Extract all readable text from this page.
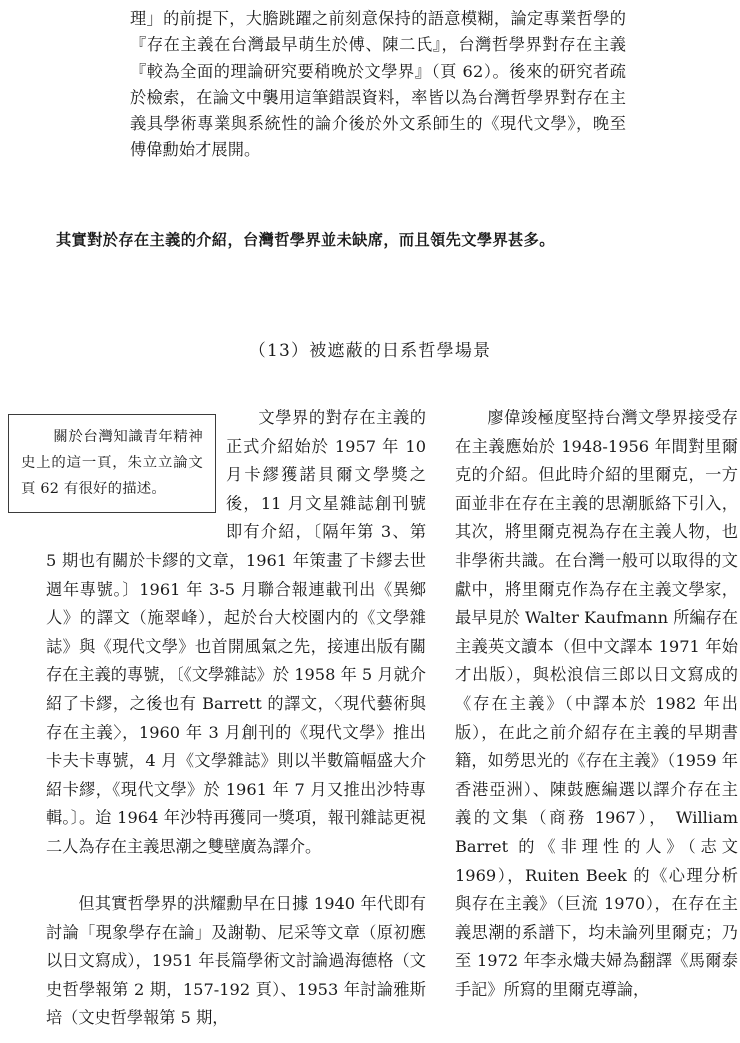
理」的前提下，大膽跳躍之前刻意保持的語意模糊，論定專業哲學的『存在主義在台灣最早萌生於傅、陳二氏』，台灣哲學界對存在主義『較為全面的理論研究要稍晚於文學界』（頁 62）。後來的研究者疏於檢索，在論文中襲用這筆錯誤資料，率皆以為台灣哲學界對存在主義具學術專業與系統性的論介後於外文系師生的《現代文學》，晚至傅偉勳始才展開。
其實對於存在主義的介紹，台灣哲學界並未缺席，而且領先文學界甚多。
（13）被遮蔽的日系哲學場景

關於台灣知識青年精神史上的這一頁，朱立立論文頁 62 有很好的描述。
文學界的對存在主義的正式介紹始於 1957 年 10 月卡繆獲諾貝爾文學獎之後，11 月文星雜誌創刊號即有介紹，〔隔年第 3、第 5 期也有關於卡繆的文章，1961 年策畫了卡繆去世週年專號。〕1961 年 3-5 月聯合報連載刊出《異鄉人》的譯文（施翠峰），起於台大校園内的《文學雜誌》與《現代文學》也首開風氣之先，接連出版有關存在主義的專號，〔《文學雜誌》於 1958 年 5 月就介紹了卡繆，之後也有 Barrett 的譯文，〈現代藝術與存在主義〉，1960 年 3 月創刊的《現代文學》推出卡夫卡專號，4 月《文學雜誌》則以半數篇幅盛大介紹卡繆，《現代文學》於 1961 年 7 月又推出沙特專輯。〕。迨 1964 年沙特再獲同一獎項，報刊雜誌更視二人為存在主義思潮之雙壁廣為譯介。

但其實哲學界的洪耀勳早在日據 1940 年代即有討論「現象學存在論」及謝勒、尼采等文章（原初應以日文寫成），1951 年長篇學術文討論過海德格（文史哲學報第 2 期，157-192 頁）、1953 年討論雅斯培（文史哲學報第 5 期，

廖偉竣極度堅持台灣文學界接受存在主義應始於 1948-1956 年間對里爾克的介紹。但此時介紹的里爾克，一方面並非在存在主義的思潮脈絡下引入，其次，將里爾克視為存在主義人物，也非學術共識。在台灣一般可以取得的文獻中，將里爾克作為存在主義文學家，最早見於 Walter Kaufmann 所編存在主義英文讀本（但中文譯本 1971 年始才出版），與松浪信三郎以日文寫成的《存在主義》（中譯本於 1982 年出版），在此之前介紹存在主義的早期書籍，如勞思光的《存在主義》（1959 年香港亞洲）、陳鼓應編選以譯介存在主義的文集（商務 1967）， William Barret 的《非理性的人》（志文 1969），Ruiten Beek 的《心理分析與存在主義》（巨流 1970），在存在主義思潮的系譜下，均未論列里爾克；乃至 1972 年李永熾夫婦為翻譯《馬爾泰手記》所寫的里爾克導論，
